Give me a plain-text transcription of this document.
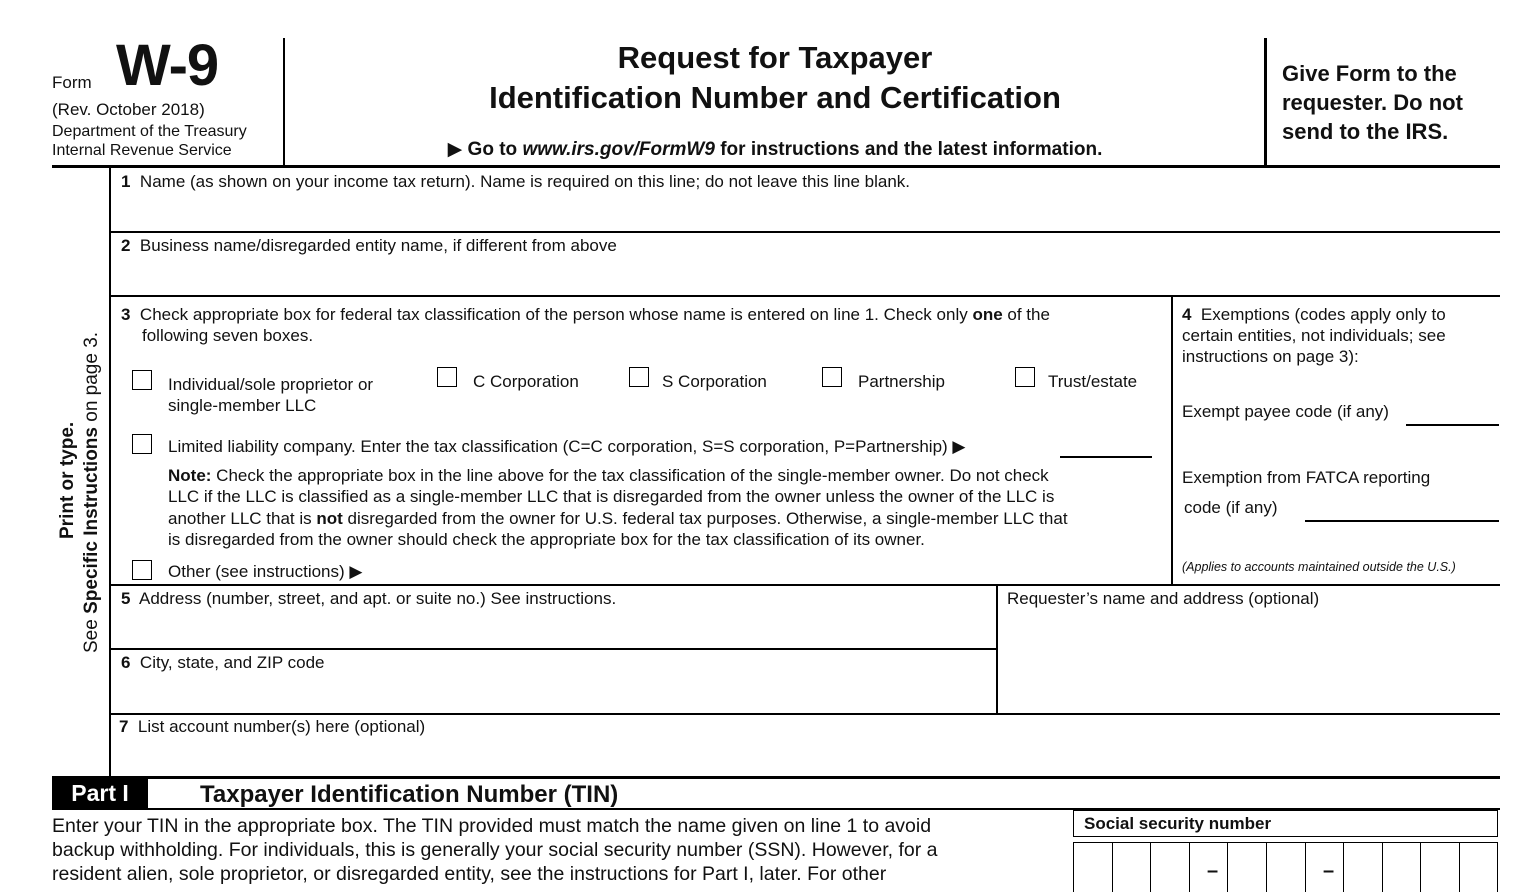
Form W-9
(Rev. October 2018)
Department of the Treasury
Internal Revenue Service
Request for Taxpayer
Identification Number and Certification
▶ Go to www.irs.gov/FormW9 for instructions and the latest information.
Give Form to the
requester. Do not
send to the IRS.
Print or type.
See Specific Instructions on page 3.
1 Name (as shown on your income tax return). Name is required on this line; do not leave this line blank.
2 Business name/disregarded entity name, if different from above
3 Check appropriate box for federal tax classification of the person whose name is entered on line 1. Check only one of the
following seven boxes.
Individual/sole proprietor or
single-member LLC
C Corporation	S Corporation	Partnership	Trust/estate
Limited liability company. Enter the tax classification (C=C corporation, S=S corporation, P=Partnership) ▶
Note: Check the appropriate box in the line above for the tax classification of the single-member owner. Do not check
LLC if the LLC is classified as a single-member LLC that is disregarded from the owner unless the owner of the LLC is
another LLC that is not disregarded from the owner for U.S. federal tax purposes. Otherwise, a single-member LLC that
is disregarded from the owner should check the appropriate box for the tax classification of its owner.
Other (see instructions) ▶
4 Exemptions (codes apply only to
certain entities, not individuals; see
instructions on page 3):
Exempt payee code (if any)
Exemption from FATCA reporting
code (if any)
(Applies to accounts maintained outside the U.S.)
5 Address (number, street, and apt. or suite no.) See instructions.	Requester’s name and address (optional)
6 City, state, and ZIP code
7 List account number(s) here (optional)
Part I	Taxpayer Identification Number (TIN)
Enter your TIN in the appropriate box. The TIN provided must match the name given on line 1 to avoid
backup withholding. For individuals, this is generally your social security number (SSN). However, for a
resident alien, sole proprietor, or disregarded entity, see the instructions for Part I, later. For other
Social security number
–	–
